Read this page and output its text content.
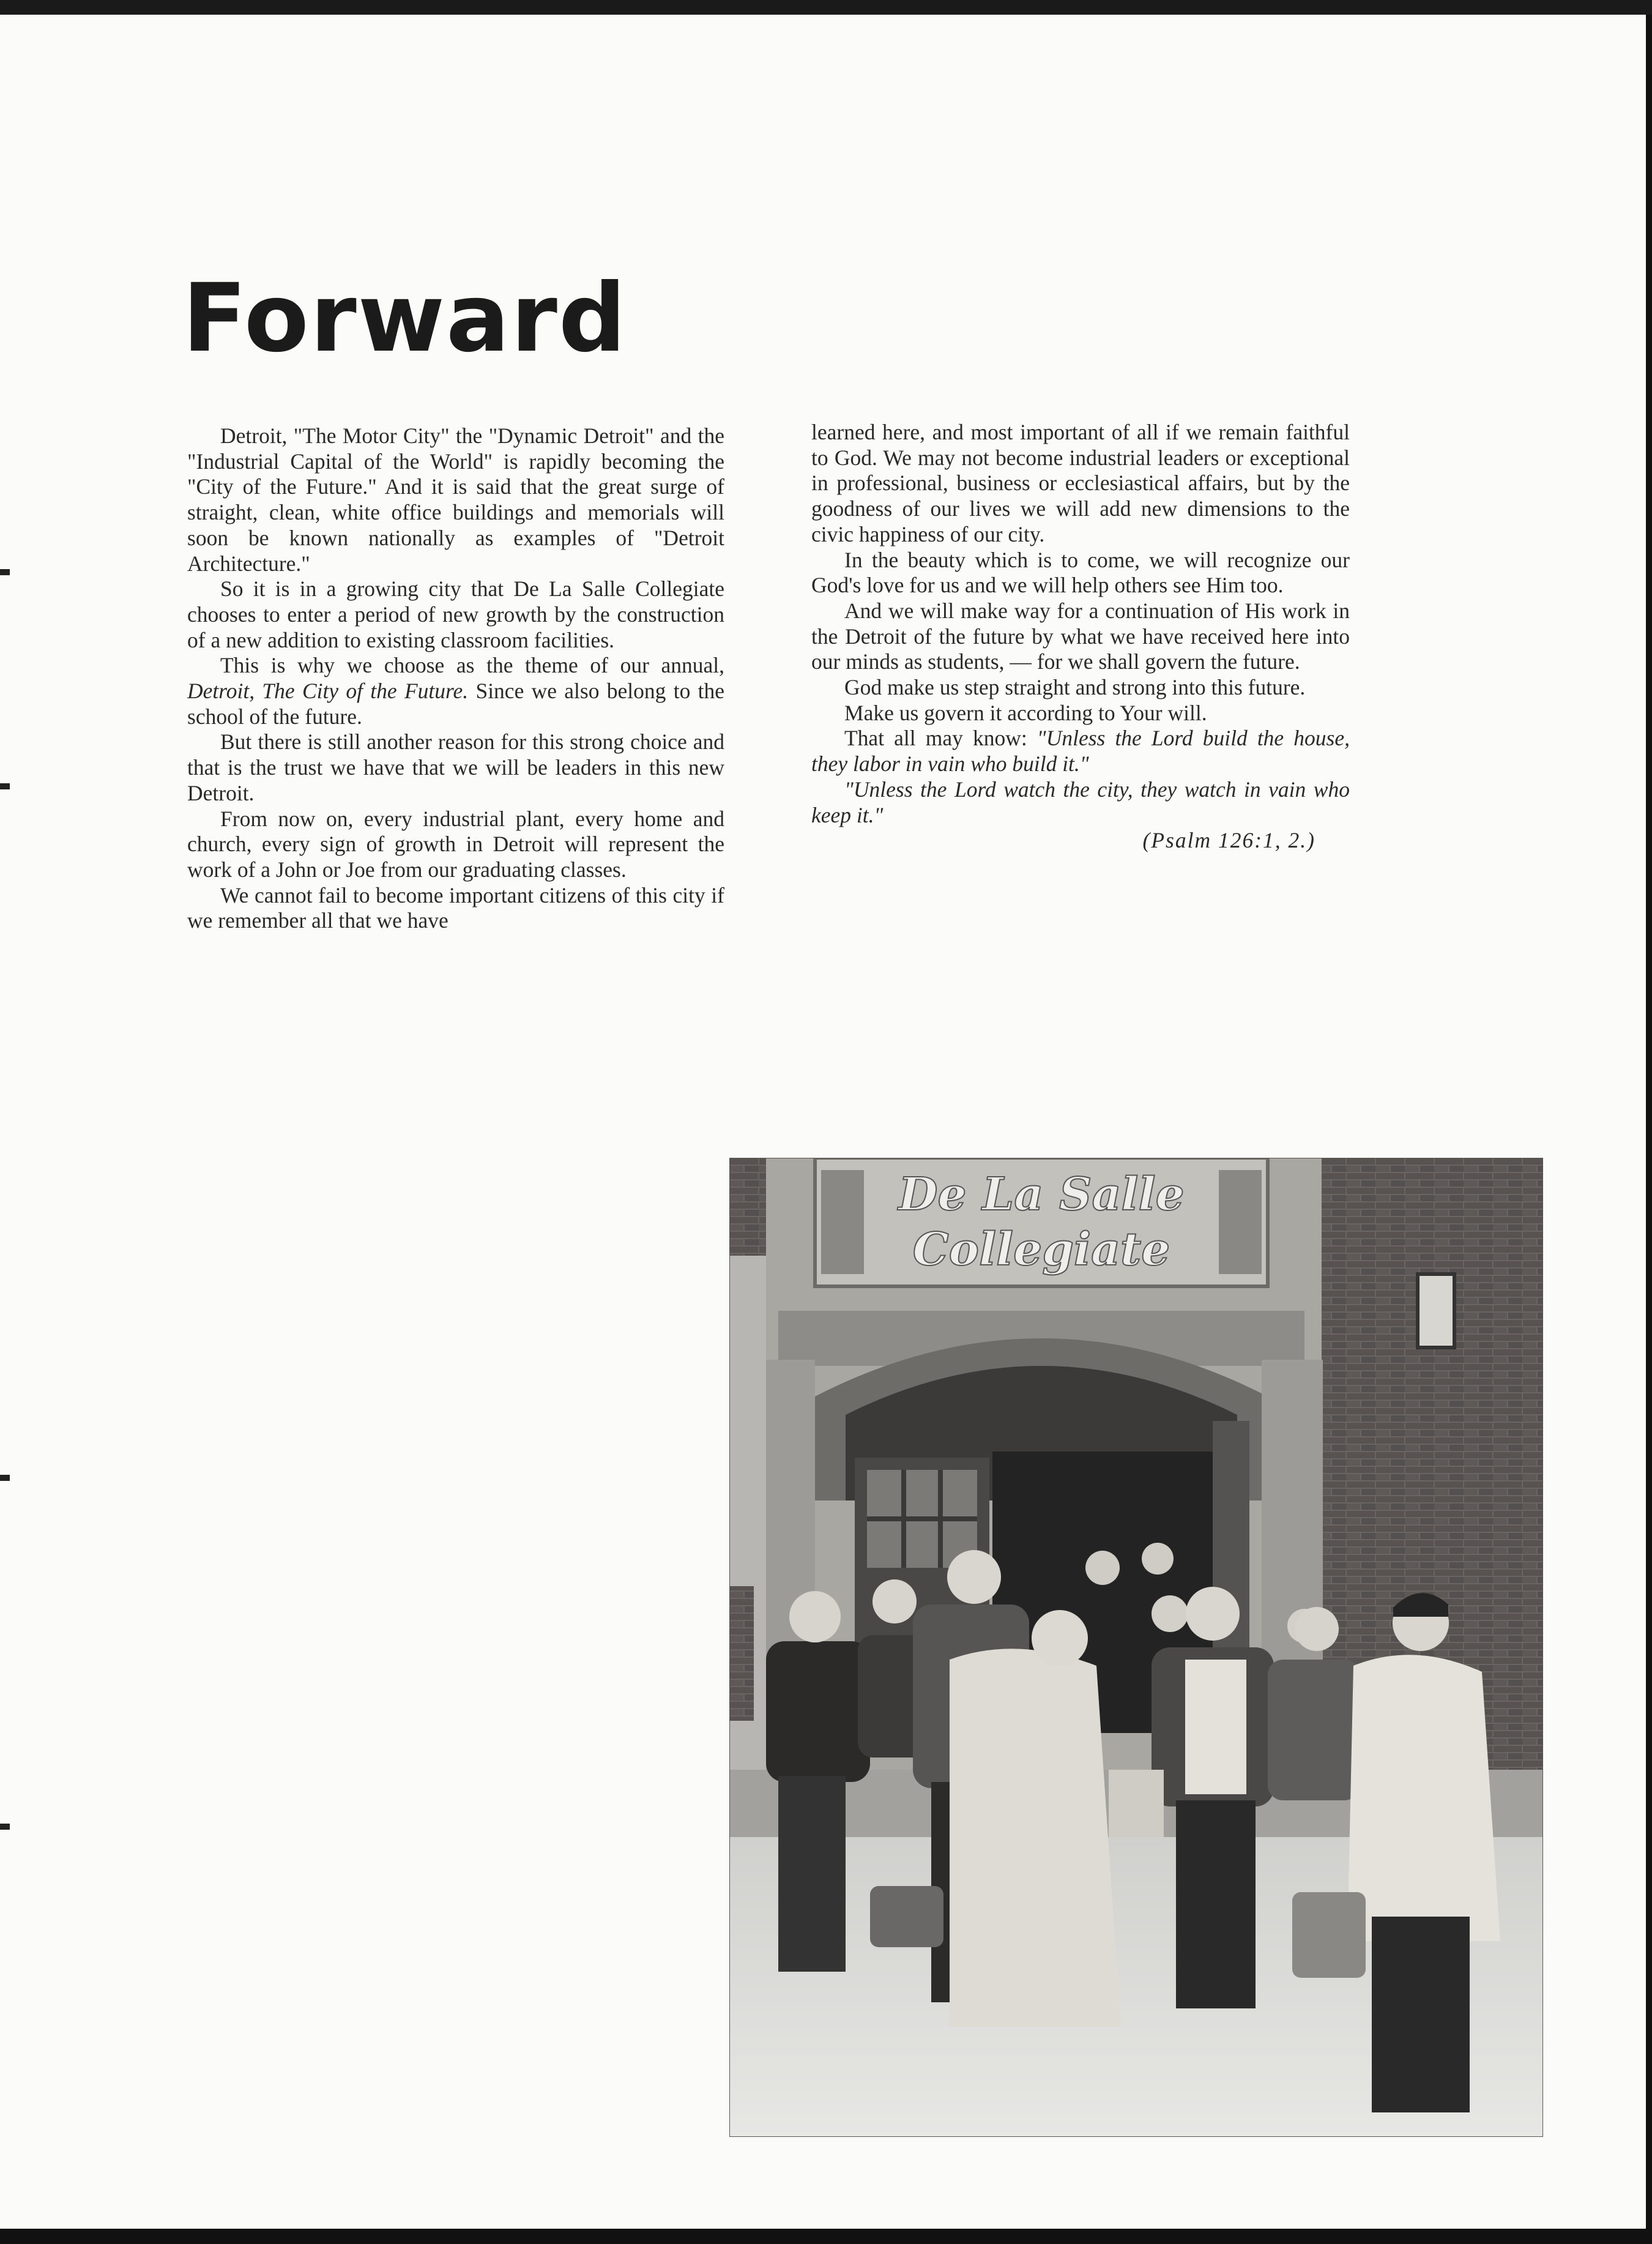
Forward

Detroit, "The Motor City" the "Dynamic Detroit" and the "Industrial Capital of the World" is rapidly becoming the "City of the Future." And it is said that the great surge of straight, clean, white office buildings and memorials will soon be known nationally as examples of "Detroit Architecture."

So it is in a growing city that De La Salle Collegiate chooses to enter a period of new growth by the construction of a new addition to existing classroom facilities.

This is why we choose as the theme of our annual, Detroit, The City of the Future. Since we also belong to the school of the future.

But there is still another reason for this strong choice and that is the trust we have that we will be leaders in this new Detroit.

From now on, every industrial plant, every home and church, every sign of growth in Detroit will represent the work of a John or Joe from our graduating classes.

We cannot fail to become important citizens of this city if we remember all that we have

learned here, and most important of all if we remain faithful to God. We may not become industrial leaders or exceptional in professional, business or ecclesiastical affairs, but by the goodness of our lives we will add new dimensions to the civic happiness of our city.

In the beauty which is to come, we will recognize our God's love for us and we will help others see Him too.

And we will make way for a continuation of His work in the Detroit of the future by what we have received here into our minds as students, — for we shall govern the future.

God make us step straight and strong into this future.

Make us govern it according to Your will.

That all may know: "Unless the Lord build the house, they labor in vain who build it."

"Unless the Lord watch the city, they watch in vain who keep it."

(Psalm 126:1, 2.)

De La Salle
Collegiate
